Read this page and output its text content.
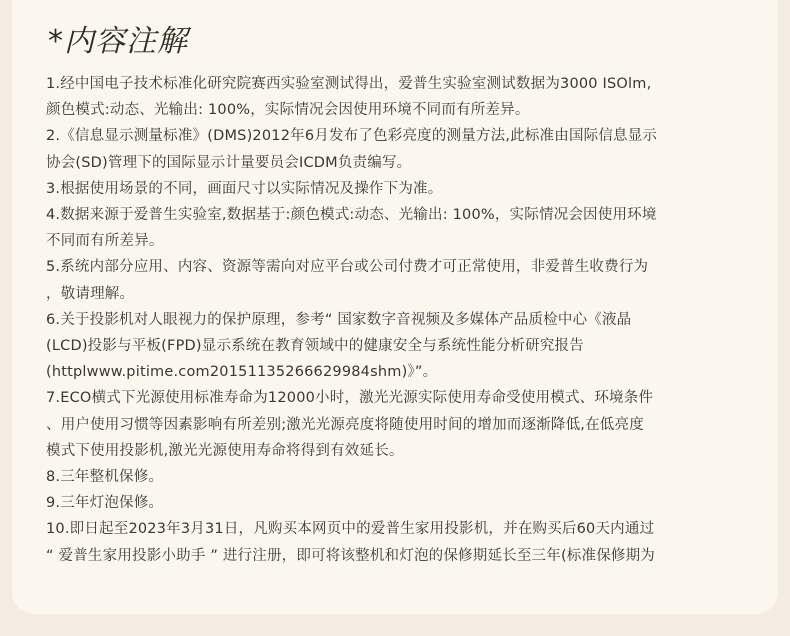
*内容注解
1.经中国电子技术标准化研究院赛西实验室测试得出，爱普生实验室测试数据为3000 ISOlm,
颜色模式:动态、光输出: 100%，实际情况会因使用环境不同而有所差异。
2.《信息显示测量标准》(DMS)2012年6月发布了色彩亮度的测量方法,此标准由国际信息显示
协会(SD)管理下的国际显示计量要员会ICDM负责编写。
3.根据使用场景的不同，画面尺寸以实际情况及操作下为准。
4.数据来源于爱普生实验室,数据基于:颜色模式:动态、光输出: 100%，实际情况会因使用环境
不同而有所差异。
5.系统内部分应用、内容、资源等需向对应平台或公司付费才可正常使用，非爱普生收费行为
，敬请理解。
6.关于投影机对人眼视力的保护原理，参考“ 国家数字音视频及多媒体产品质检中心《液晶
(LCD)投影与平板(FPD)显示系统在教育领域中的健康安全与系统性能分析研究报告
(httplwww.pitime.com20151135266629984shm)》”。
7.ECO横式下光源使用标准寿命为12000小时，激光光源实际使用寿命受使用模式、环境条件
、用户使用习惯等因素影响有所差别;激光光源亮度将随使用时间的增加而逐渐降低,在低亮度
模式下使用投影机,激光光源使用寿命将得到有效延长。
8.三年整机保修。
9.三年灯泡保修。
10.即日起至2023年3月31日，凡购买本网页中的爱普生家用投影机，并在购买后60天内通过
“ 爱普生家用投影小助手 ” 进行注册，即可将该整机和灯泡的保修期延长至三年(标准保修期为
